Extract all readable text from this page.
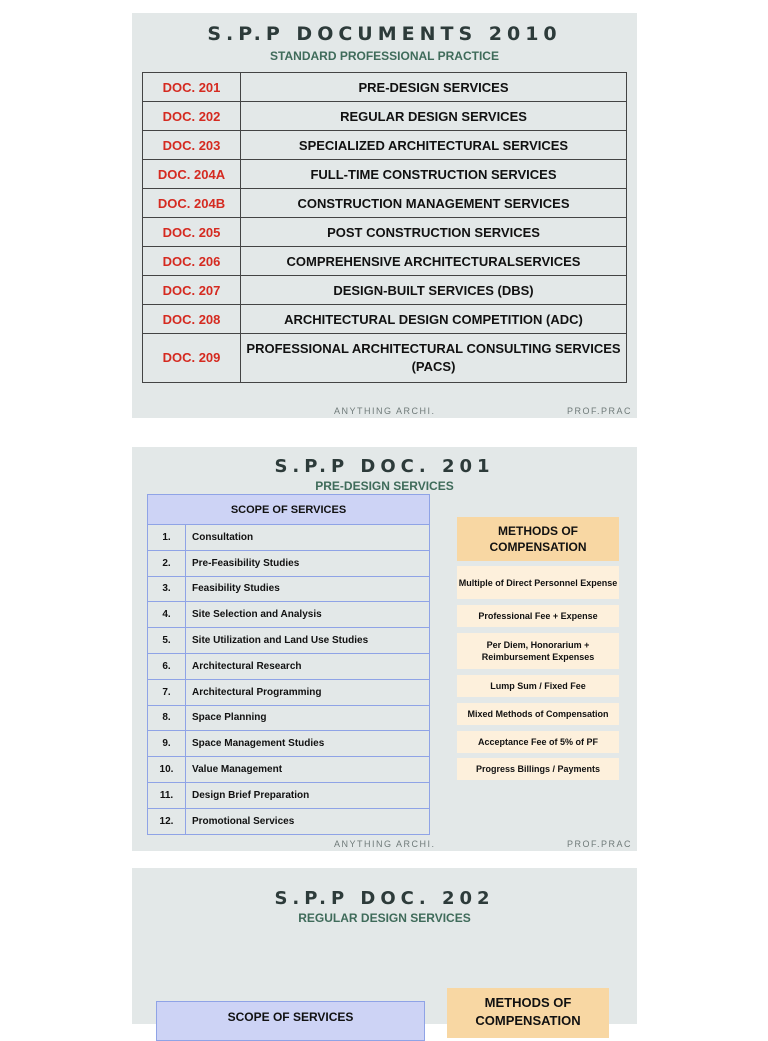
S.P.P DOCUMENTS 2010
STANDARD PROFESSIONAL PRACTICE
DOC. 201	PRE-DESIGN SERVICES
DOC. 202	REGULAR DESIGN SERVICES
DOC. 203	SPECIALIZED ARCHITECTURAL SERVICES
DOC. 204A	FULL-TIME CONSTRUCTION SERVICES
DOC. 204B	CONSTRUCTION MANAGEMENT SERVICES
DOC. 205	POST CONSTRUCTION SERVICES
DOC. 206	COMPREHENSIVE ARCHITECTURALSERVICES
DOC. 207	DESIGN-BUILT SERVICES (DBS)
DOC. 208	ARCHITECTURAL DESIGN COMPETITION (ADC)
DOC. 209	PROFESSIONAL ARCHITECTURAL CONSULTING SERVICES (PACS)
ANYTHING ARCHI.	PROF.PRAC
S.P.P DOC. 201
PRE-DESIGN SERVICES
SCOPE OF SERVICES	
1.	Consultation
2.	Pre-Feasibility Studies
3.	Feasibility Studies
4.	Site Selection and Analysis
5.	Site Utilization and Land Use Studies
6.	Architectural Research
7.	Architectural Programming
8.	Space Planning
9.	Space Management Studies
10.	Value Management
11.	Design Brief Preparation
12.	Promotional Services
METHODS OF COMPENSATION
Multiple of Direct Personnel Expense
Professional Fee + Expense
Per Diem, Honorarium + Reimbursement Expenses
Lump Sum / Fixed Fee
Mixed Methods of Compensation
Acceptance Fee of 5% of PF
Progress Billings / Payments
ANYTHING ARCHI.	PROF.PRAC
S.P.P DOC. 202
REGULAR DESIGN SERVICES
SCOPE OF SERVICES
METHODS OF COMPENSATION
